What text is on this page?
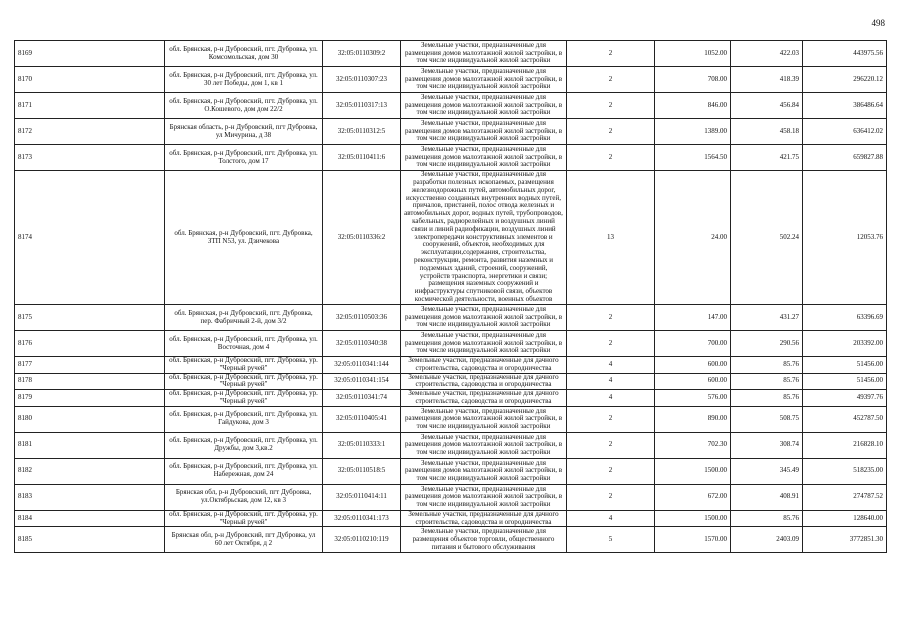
498
8169	обл. Брянская, р-н Дубровский, пгт. Дубровка, ул. Комсомольская, дом 30	32:05:0110309:2	Земельные участки, предназначенные для размещения домов малоэтажной жилой застройки, в том числе индивидуальной жилой застройки	2	1052.00	422.03	443975.56
8170	обл. Брянская, р-н Дубровский, пгт. Дубровка, ул. 30 лет Победы, дом 1, кв 1	32:05:0110307:23	Земельные участки, предназначенные для размещения домов малоэтажной жилой застройки, в том числе индивидуальной жилой застройки	2	708.00	418.39	296220.12
8171	обл. Брянская, р-н Дубровский, пгт. Дубровка, ул. О.Кошевого, дом дом 22/2	32:05:0110317:13	Земельные участки, предназначенные для размещения домов малоэтажной жилой застройки, в том числе индивидуальной жилой застройки	2	846.00	456.84	386486.64
8172	Брянская область, р-н Дубровский, пгт Дубровка, ул Мичурина, д 38	32:05:0110312:5	Земельные участки, предназначенные для размещения домов малоэтажной жилой застройки, в том числе индивидуальной жилой застройки	2	1389.00	458.18	636412.02
8173	обл. Брянская, р-н Дубровский, пгт. Дубровка, ул. Толстого, дом 17	32:05:0110411:6	Земельные участки, предназначенные для размещения домов малоэтажной жилой застройки, в том числе индивидуальной жилой застройки	2	1564.50	421.75	659827.88
8174	обл. Брянская, р-н Дубровский, пгт. Дубровка, ЗТП N53, ул. Дзичекова	32:05:0110336:2	Земельные участки, предназначенные для разработки полезных ископаемых, размещения железнодорожных путей, автомобильных дорог, искусственно созданных внутренних водных путей, причалов, пристаней, полос отвода железных и автомобильных дорог, водных путей, трубопроводов, кабельных, радиорелейных и воздушных линий связи и линий радиофикации, воздушных линий электропередачи конструктивных элементов и сооружений, объектов, необходимых для эксплуатации,содержания, строительства, реконструкции, ремонта, развития наземных и подземных зданий, строений, сооружений, устройств транспорта, энергетики и связи; размещения наземных сооружений и инфраструктуры спутниковой связи, объектов космической деятельности, военных объектов	13	24.00	502.24	12053.76
8175	обл. Брянская, р-н Дубровский, пгт. Дубровка, пер. Фабричный 2-й, дом 3/2	32:05:0110503:36	Земельные участки, предназначенные для размещения домов малоэтажной жилой застройки, в том числе индивидуальной жилой застройки	2	147.00	431.27	63396.69
8176	обл. Брянская, р-н Дубровский, пгт. Дубровка, ул. Восточная, дом 4	32:05:0110340:38	Земельные участки, предназначенные для размещения домов малоэтажной жилой застройки, в том числе индивидуальной жилой застройки	2	700.00	290.56	203392.00
8177	обл. Брянская, р-н Дубровский, пгт. Дубровка, ур. "Черный ручей"	32:05:0110341:144	Земельные участки, предназначенные для дачного строительства, садоводства и огородничества	4	600.00	85.76	51456.00
8178	обл. Брянская, р-н Дубровский, пгт. Дубровка, ур. "Черный ручей"	32:05:0110341:154	Земельные участки, предназначенные для дачного строительства, садоводства и огородничества	4	600.00	85.76	51456.00
8179	обл. Брянская, р-н Дубровский, пгт. Дубровка, ур. "Черный ручей"	32:05:0110341:74	Земельные участки, предназначенные для дачного строительства, садоводства и огородничества	4	576.00	85.76	49397.76
8180	обл. Брянская, р-н Дубровский, пгт. Дубровка, ул. Гайдукова, дом 3	32:05:0110405:41	Земельные участки, предназначенные для размещения домов малоэтажной жилой застройки, в том числе индивидуальной жилой застройки	2	890.00	508.75	452787.50
8181	обл. Брянская, р-н Дубровский, пгт. Дубровка, ул. Дружбы, дом 3,кв.2	32:05:0110333:1	Земельные участки, предназначенные для размещения домов малоэтажной жилой застройки, в том числе индивидуальной жилой застройки	2	702.30	308.74	216828.10
8182	обл. Брянская, р-н Дубровский, пгт. Дубровка, ул. Набережная, дом 24	32:05:0110518:5	Земельные участки, предназначенные для размещения домов малоэтажной жилой застройки, в том числе индивидуальной жилой застройки	2	1500.00	345.49	518235.00
8183	Брянская обл, р-н Дубровский, пгт Дубровка, ул.Октябрьская, дом 12, кв 3	32:05:0110414:11	Земельные участки, предназначенные для размещения домов малоэтажной жилой застройки, в том числе индивидуальной жилой застройки	2	672.00	408.91	274787.52
8184	обл. Брянская, р-н Дубровский, пгт. Дубровка, ур. "Черный ручей"	32:05:0110341:173	Земельные участки, предназначенные для дачного строительства, садоводства и огородничества	4	1500.00	85.76	128640.00
8185	Брянская обл, р-н Дубровский, пгт Дубровка, ул 60 лет Октября, д 2	32:05:0110210:119	Земельные участки, предназначенные для размещения объектов торговли, общественного питания и бытового обслуживания	5	1570.00	2403.09	3772851.30
